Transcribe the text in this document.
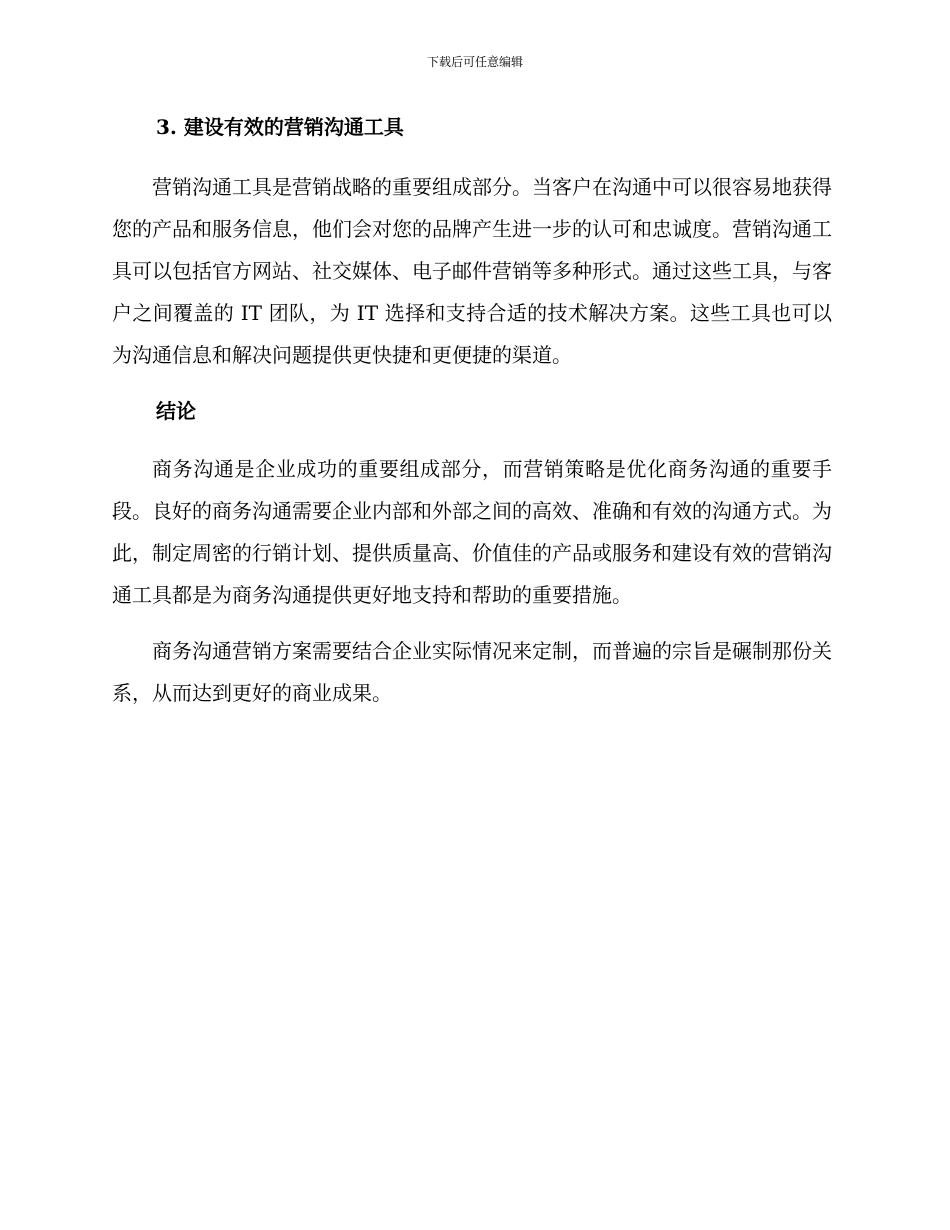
下载后可任意编辑
3. 建设有效的营销沟通工具

营销沟通工具是营销战略的重要组成部分。当客户在沟通中可以很容易地获得您的产品和服务信息，他们会对您的品牌产生进一步的认可和忠诚度。营销沟通工具可以包括官方网站、社交媒体、电子邮件营销等多种形式。通过这些工具，与客户之间覆盖的 IT 团队，为 IT 选择和支持合适的技术解决方案。这些工具也可以为沟通信息和解决问题提供更快捷和更便捷的渠道。

结论

商务沟通是企业成功的重要组成部分，而营销策略是优化商务沟通的重要手段。良好的商务沟通需要企业内部和外部之间的高效、准确和有效的沟通方式。为此，制定周密的行销计划、提供质量高、价值佳的产品或服务和建设有效的营销沟通工具都是为商务沟通提供更好地支持和帮助的重要措施。

商务沟通营销方案需要结合企业实际情况来定制，而普遍的宗旨是碾制那份关系，从而达到更好的商业成果。
